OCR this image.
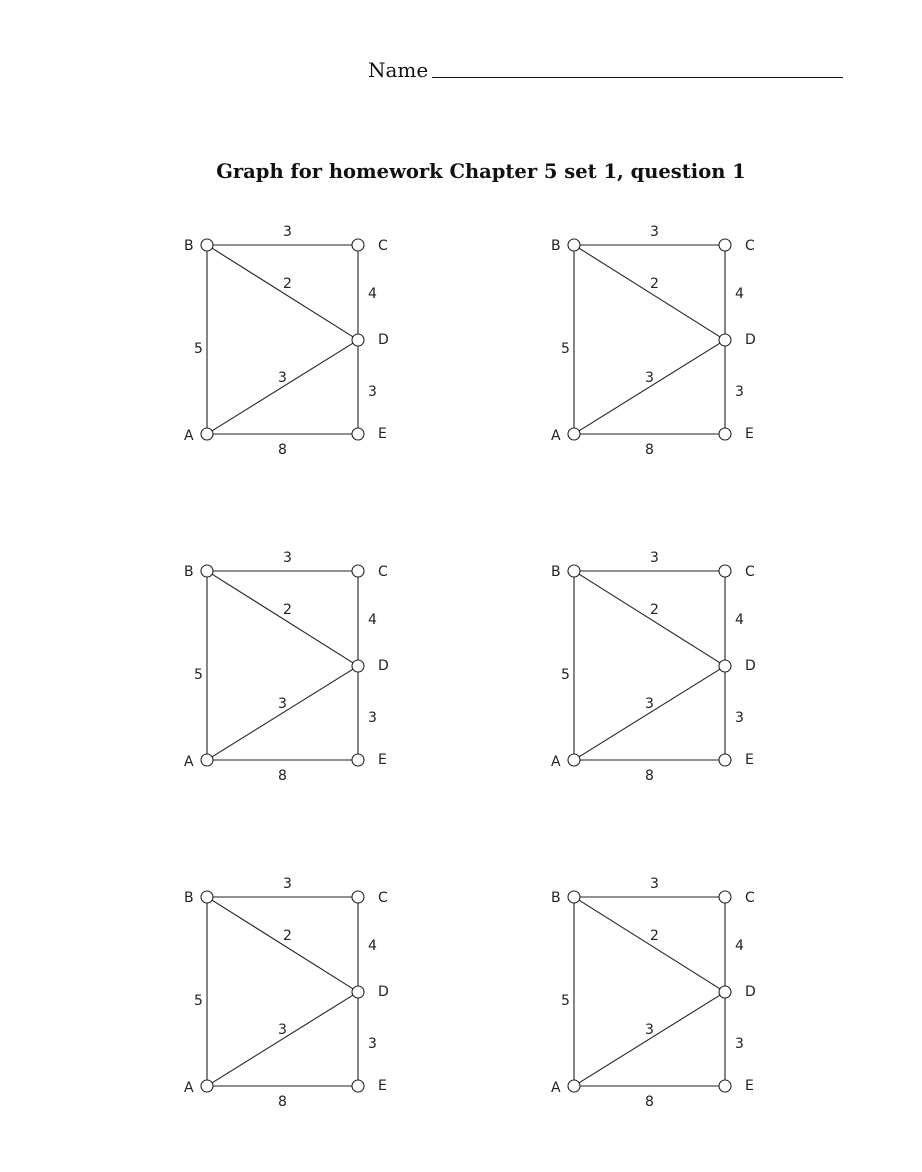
Name
Graph for homework Chapter 5 set 1, question 1
3
2
4
5
3
3
8
A
B	C
D
E
3
2
4
5
3
3
8
A
B	C
D
E
3
2
4
5
3
3
8
A
B	C
D
E
3
2
4
5
3
3
8
A
B	C
D
E
3
2
4
5
3
3
8
A
B	C
D
E
3
2
4
5
3
3
8
A
B	C
D
E
